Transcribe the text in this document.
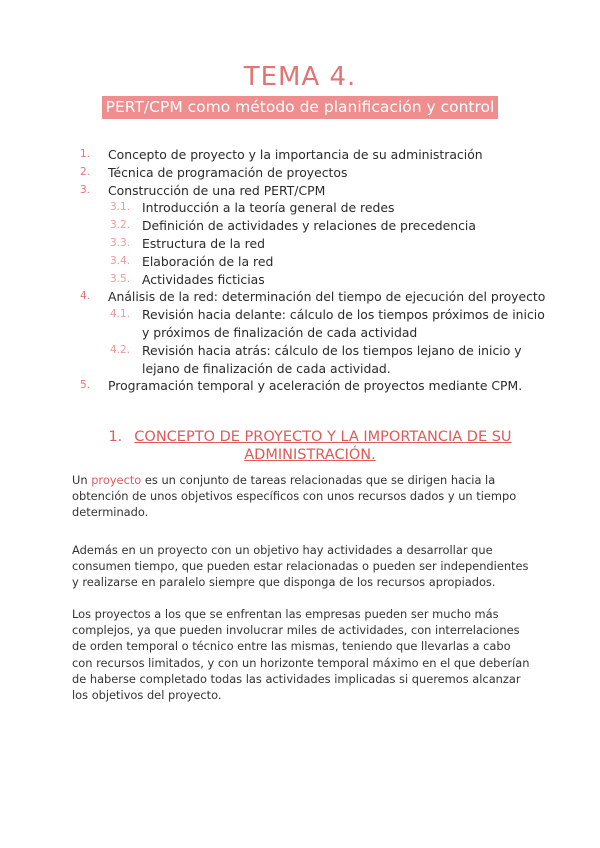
TEMA 4.
PERT/CPM como método de planificación y control
1.	Concepto de proyecto y la importancia de su administración
2.	Técnica de programación de proyectos
3.	Construcción de una red PERT/CPM
3.1. Introducción a la teoría general de redes
3.2. Definición de actividades y relaciones de precedencia
3.3. Estructura de la red
3.4. Elaboración de la red
3.5. Actividades ficticias
4.	Análisis de la red: determinación del tiempo de ejecución del proyecto
4.1. Revisión hacia delante: cálculo de los tiempos próximos de inicio y próximos de finalización de cada actividad
4.2. Revisión hacia atrás: cálculo de los tiempos lejano de inicio y lejano de finalización de cada actividad.
5.	Programación temporal y aceleración de proyectos mediante CPM.
1. CONCEPTO DE PROYECTO Y LA IMPORTANCIA DE SU ADMINISTRACIÓN.
Un proyecto es un conjunto de tareas relacionadas que se dirigen hacia la obtención de unos objetivos específicos con unos recursos dados y un tiempo determinado.
Además en un proyecto con un objetivo hay actividades a desarrollar que consumen tiempo, que pueden estar relacionadas o pueden ser independientes y realizarse en paralelo siempre que disponga de los recursos apropiados.
Los proyectos a los que se enfrentan las empresas pueden ser mucho más complejos, ya que pueden involucrar miles de actividades, con interrelaciones de orden temporal o técnico entre las mismas, teniendo que llevarlas a cabo con recursos limitados, y con un horizonte temporal máximo en el que deberían de haberse completado todas las actividades implicadas si queremos alcanzar los objetivos del proyecto.
